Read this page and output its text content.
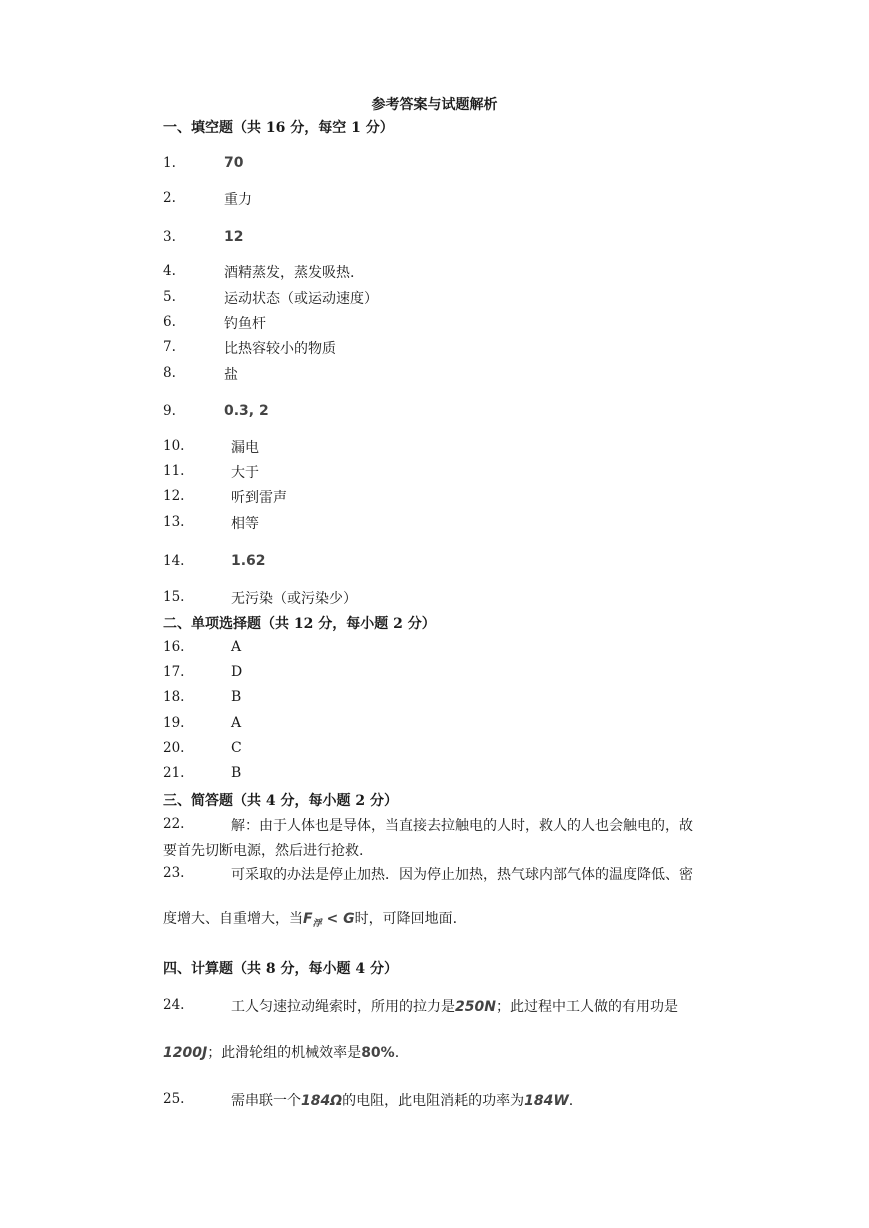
参考答案与试题解析
一、填空题（共 16 分，每空 1 分）
1.	70
2.	重力
3.	12
4.	酒精蒸发，蒸发吸热.
5.	运动状态（或运动速度）
6.	钓鱼杆
7.	比热容较小的物质
8.	盐
9.	0.3, 2
10.	漏电
11.	大于
12.	听到雷声
13.	相等
14.	1.62
15.	无污染（或污染少）
二、单项选择题（共 12 分，每小题 2 分）
16.	A
17.	D
18.	B
19.	A
20.	C
21.	B
三、简答题（共 4 分，每小题 2 分）
22.	解：由于人体也是导体，当直接去拉触电的人时，救人的人也会触电的，故
要首先切断电源，然后进行抢救.
23.	可采取的办法是停止加热．因为停止加热，热气球内部气体的温度降低、密
度增大、自重增大，当$F_浮 < G$时，可降回地面.
四、计算题（共 8 分，每小题 4 分）
24.	工人匀速拉动绳索时，所用的拉力是250N；此过程中工人做的有用功是
1200J；此滑轮组的机械效率是80%.
25.	需串联一个184Ω的电阻，此电阻消耗的功率为184W.
